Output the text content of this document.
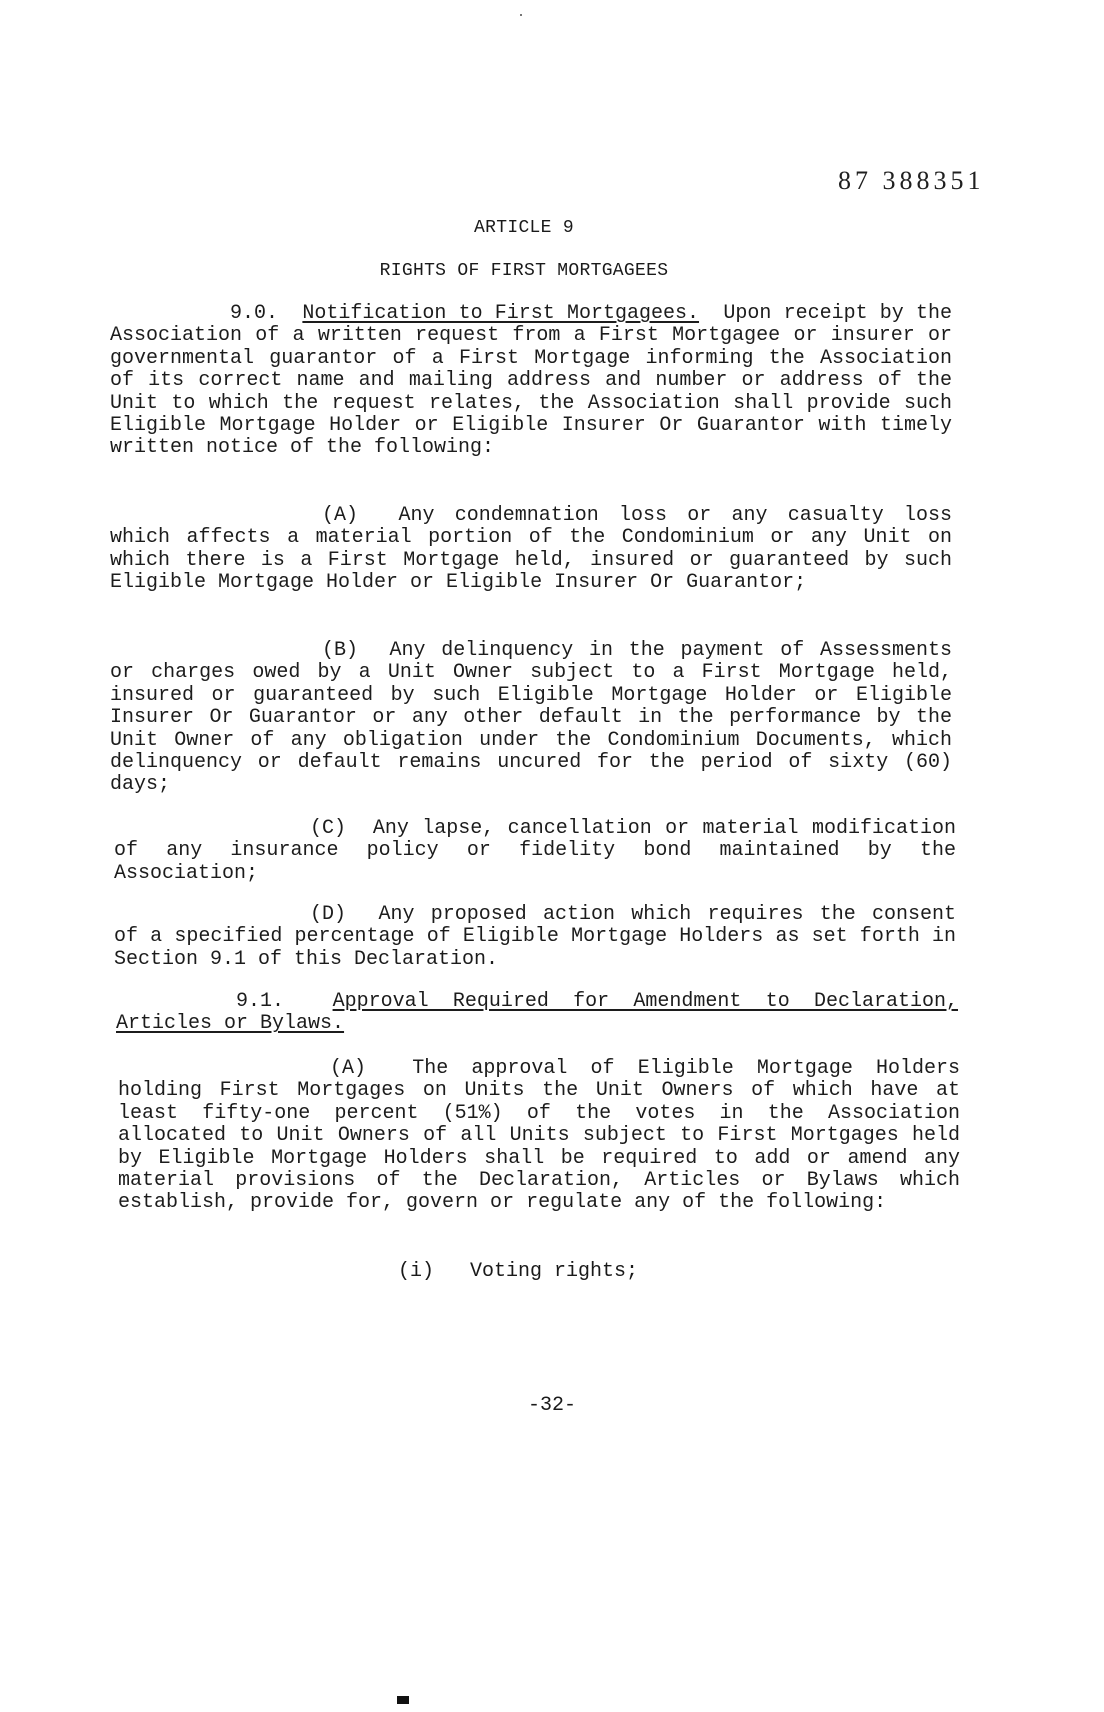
87 388351
ARTICLE 9
RIGHTS OF FIRST MORTGAGEES
9.0. Notification to First Mortgagees. Upon receipt by the Association of a written request from a First Mortgagee or insurer or governmental guarantor of a First Mortgage informing the Association of its correct name and mailing address and number or address of the Unit to which the request relates, the Association shall provide such Eligible Mortgage Holder or Eligible Insurer Or Guarantor with timely written notice of the following:
(A) Any condemnation loss or any casualty loss which affects a material portion of the Condominium or any Unit on which there is a First Mortgage held, insured or guaranteed by such Eligible Mortgage Holder or Eligible Insurer Or Guarantor;
(B) Any delinquency in the payment of Assessments or charges owed by a Unit Owner subject to a First Mortgage held, insured or guaranteed by such Eligible Mortgage Holder or Eligible Insurer Or Guarantor or any other default in the performance by the Unit Owner of any obligation under the Condominium Documents, which delinquency or default remains uncured for the period of sixty (60) days;
(C) Any lapse, cancellation or material modification of any insurance policy or fidelity bond maintained by the Association;
(D) Any proposed action which requires the consent of a specified percentage of Eligible Mortgage Holders as set forth in Section 9.1 of this Declaration.
9.1. Approval Required for Amendment to Declaration, Articles or Bylaws.
(A) The approval of Eligible Mortgage Holders holding First Mortgages on Units the Unit Owners of which have at least fifty-one percent (51%) of the votes in the Association allocated to Unit Owners of all Units subject to First Mortgages held by Eligible Mortgage Holders shall be required to add or amend any material provisions of the Declaration, Articles or Bylaws which establish, provide for, govern or regulate any of the following:
(i) Voting rights;
-32-
